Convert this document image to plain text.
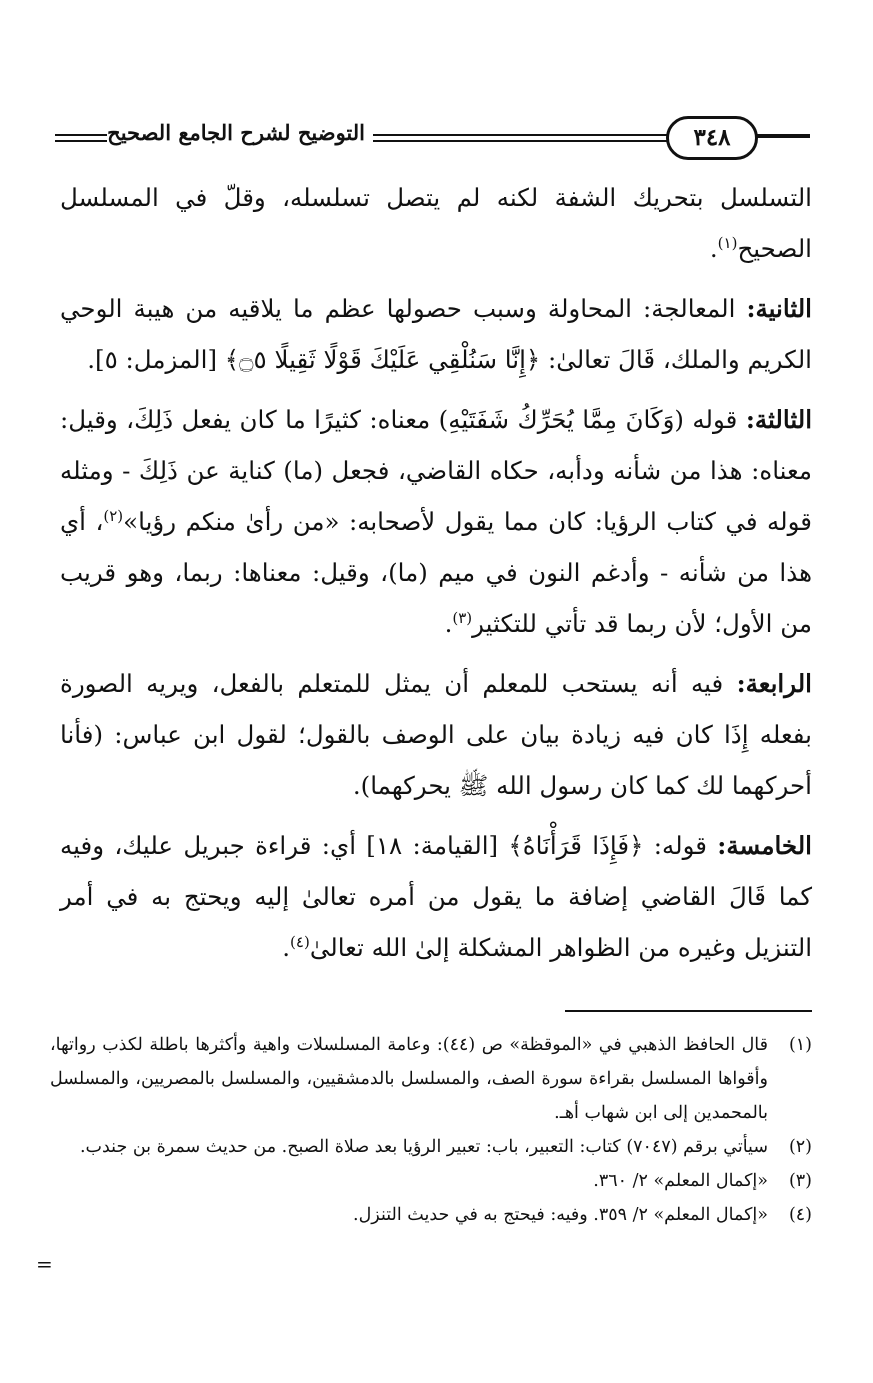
التوضيح لشرح الجامع الصحيح	٣٤٨

التسلسل بتحريك الشفة لكنه لم يتصل تسلسله، وقلّ في المسلسل الصحيح$^{(١)}$.

الثانية: المعالجة: المحاولة وسبب حصولها عظم ما يلاقيه من هيبة الوحي الكريم والملك، قَالَ تعالىٰ: ﴿إِنَّا سَنُلْقِي عَلَيْكَ قَوْلًا ثَقِيلًا ۝٥﴾ [المزمل: ٥].

الثالثة: قوله (وَكَانَ مِمَّا يُحَرِّكُ شَفَتَيْهِ) معناه: كثيرًا ما كان يفعل ذَلِكَ، وقيل: معناه: هذا من شأنه ودأبه، حكاه القاضي، فجعل (ما) كناية عن ذَلِكَ - ومثله قوله في كتاب الرؤيا: كان مما يقول لأصحابه: «من رأىٰ منكم رؤيا»$^{(٢)}$، أي هذا من شأنه - وأدغم النون في ميم (ما)، وقيل: معناها: ربما، وهو قريب من الأول؛ لأن ربما قد تأتي للتكثير$^{(٣)}$.

الرابعة: فيه أنه يستحب للمعلم أن يمثل للمتعلم بالفعل، ويريه الصورة بفعله إِذَا كان فيه زيادة بيان على الوصف بالقول؛ لقول ابن عباس: (فأنا أحركهما لك كما كان رسول الله ﷺ يحركهما).

الخامسة: قوله: ﴿فَإِذَا قَرَأْنَاهُ﴾ [القيامة: ١٨] أي: قراءة جبريل عليك، وفيه كما قَالَ القاضي إضافة ما يقول من أمره تعالىٰ إليه ويحتج به في أمر التنزيل وغيره من الظواهر المشكلة إلىٰ الله تعالىٰ$^{(٤)}$.

(١)
قال الحافظ الذهبي في «الموقظة» ص (٤٤): وعامة المسلسلات واهية وأكثرها باطلة لكذب رواتها، وأقواها المسلسل بقراءة سورة الصف، والمسلسل بالدمشقيين، والمسلسل بالمصريين، والمسلسل بالمحمدين إلى ابن شهاب أهـ.
(٢)
سيأتي برقم (٧٠٤٧) كتاب: التعبير، باب: تعبير الرؤيا بعد صلاة الصبح. من حديث سمرة بن جندب.
(٣)
«إكمال المعلم» ٢/ ٣٦٠.
(٤)
«إكمال المعلم» ٢/ ٣٥٩. وفيه: فيحتج به في حديث التنزل.
=
